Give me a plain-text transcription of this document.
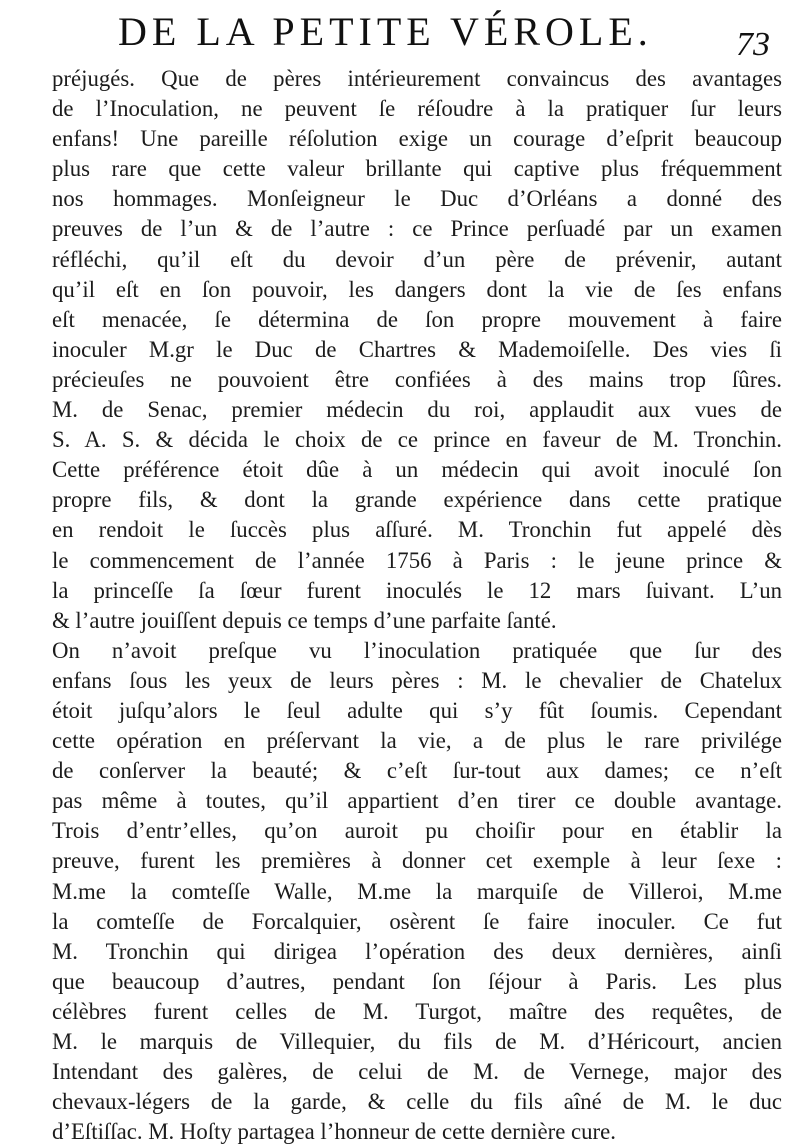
DE LA PETITE VÉROLE. 73
préjugés. Que de pères intérieurement convaincus des avantages
de l’Inoculation, ne peuvent ſe réſoudre à la pratiquer ſur leurs
enfans! Une pareille réſolution exige un courage d’eſprit beaucoup
plus rare que cette valeur brillante qui captive plus fréquemment
nos hommages. Monſeigneur le Duc d’Orléans a donné des
preuves de l’un & de l’autre : ce Prince perſuadé par un examen
réfléchi, qu’il eſt du devoir d’un père de prévenir, autant
qu’il eſt en ſon pouvoir, les dangers dont la vie de ſes enfans
eſt menacée, ſe détermina de ſon propre mouvement à faire
inoculer M.gr le Duc de Chartres & Mademoiſelle. Des vies ſi
précieuſes ne pouvoient être confiées à des mains trop ſûres.
M. de Senac, premier médecin du roi, applaudit aux vues de
S. A. S. & décida le choix de ce prince en faveur de M. Tronchin.
Cette préférence étoit dûe à un médecin qui avoit inoculé ſon
propre fils, & dont la grande expérience dans cette pratique
en rendoit le ſuccès plus aſſuré. M. Tronchin fut appelé dès
le commencement de l’année 1756 à Paris : le jeune prince &
la princeſſe ſa ſœur furent inoculés le 12 mars ſuivant. L’un
& l’autre jouiſſent depuis ce temps d’une parfaite ſanté.
On n’avoit preſque vu l’inoculation pratiquée que ſur des
enfans ſous les yeux de leurs pères : M. le chevalier de Chatelux
étoit juſqu’alors le ſeul adulte qui s’y fût ſoumis. Cependant
cette opération en préſervant la vie, a de plus le rare privilége
de conſerver la beauté; & c’eſt ſur-tout aux dames; ce n’eſt
pas même à toutes, qu’il appartient d’en tirer ce double avantage.
Trois d’entr’elles, qu’on auroit pu choiſir pour en établir la
preuve, furent les premières à donner cet exemple à leur ſexe :
M.me la comteſſe Walle, M.me la marquiſe de Villeroi, M.me
la comteſſe de Forcalquier, osèrent ſe faire inoculer. Ce fut
M. Tronchin qui dirigea l’opération des deux dernières, ainſi
que beaucoup d’autres, pendant ſon ſéjour à Paris. Les plus
célèbres furent celles de M. Turgot, maître des requêtes, de
M. le marquis de Villequier, du fils de M. d’Héricourt, ancien
Intendant des galères, de celui de M. de Vernege, major des
chevaux-légers de la garde, & celle du fils aîné de M. le duc
d’Eſtiſſac. M. Hoſty partagea l’honneur de cette dernière cure.
